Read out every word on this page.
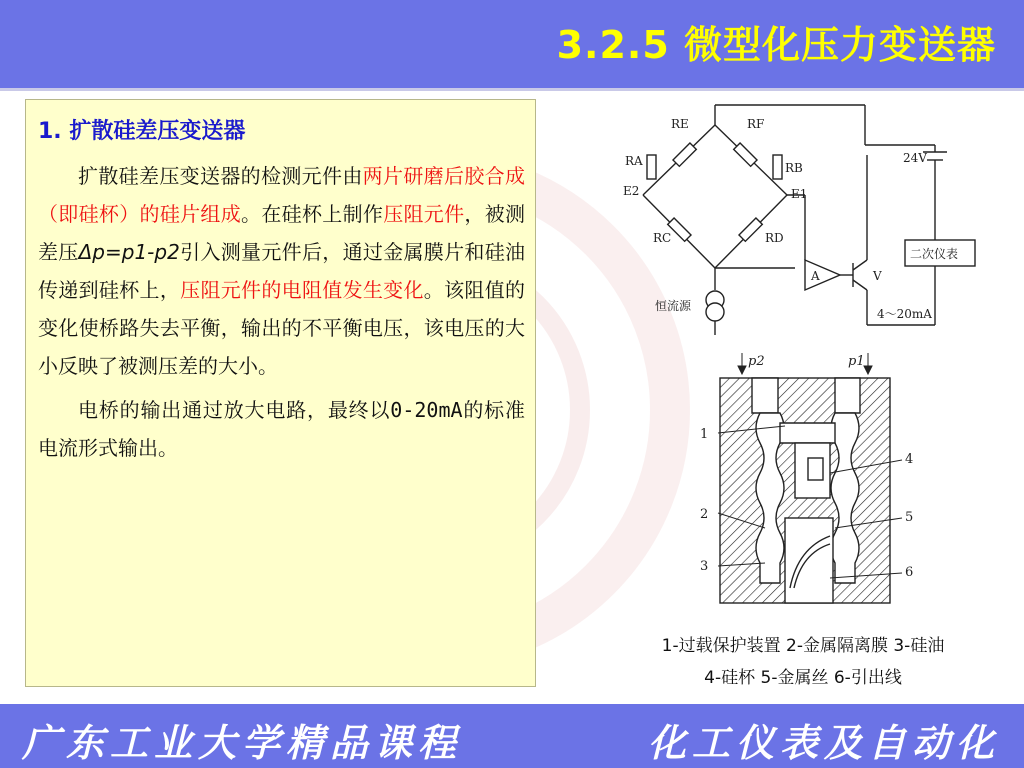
3.2.5 微型化压力变送器
1. 扩散硅差压变送器

扩散硅差压变送器的检测元件由两片研磨后胶合成（即硅杯）的硅片组成。在硅杯上制作压阻元件，被测差压Δp=p1-p2引入测量元件后，通过金属膜片和硅油传递到硅杯上，压阻元件的电阻值发生变化。该阻值的变化使桥路失去平衡，输出的不平衡电压，该电压的大小反映了被测压差的大小。

电桥的输出通过放大电路，最终以0-20mA的标准电流形式输出。

RE	RF
RA	RB
E2	E1
RC	RD
24V
A	V
恒流源
二次仪表
4～20mA
p2	p1
1
2
3
4
5
6
1-过载保护装置 2-金属隔离膜 3-硅油
4-硅杯 5-金属丝 6-引出线
广东工业大学精品课程	化工仪表及自动化
